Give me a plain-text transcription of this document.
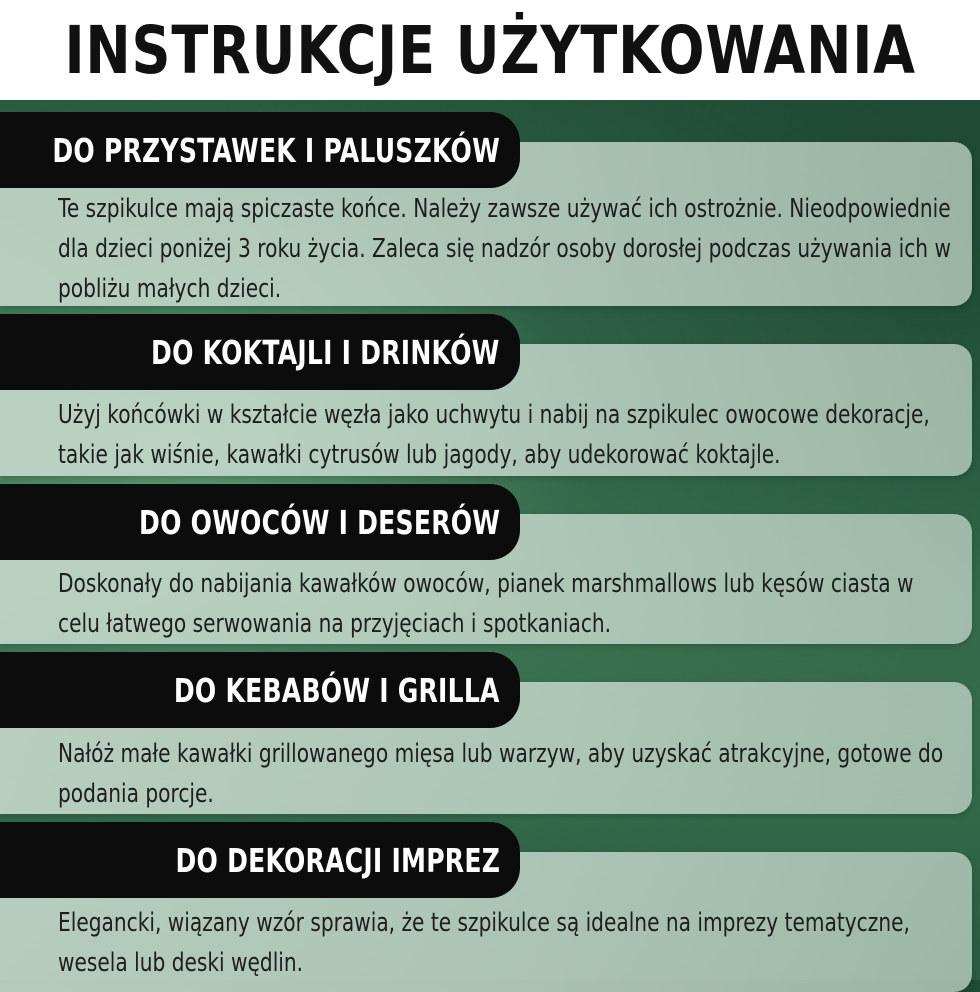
INSTRUKCJE UŻYTKOWANIA
DO PRZYSTAWEK I PALUSZKÓW
Te szpikulce mają spiczaste końce. Należy zawsze używać ich ostrożnie. Nieodpowiednie dla dzieci poniżej 3 roku życia. Zaleca się nadzór osoby dorosłej podczas używania ich w pobliżu małych dzieci.
DO KOKTAJLI I DRINKÓW
Użyj końcówki w kształcie węzła jako uchwytu i nabij na szpikulec owocowe dekoracje, takie jak wiśnie, kawałki cytrusów lub jagody, aby udekorować koktajle.
DO OWOCÓW I DESERÓW
Doskonały do nabijania kawałków owoców, pianek marshmallows lub kęsów ciasta w celu łatwego serwowania na przyjęciach i spotkaniach.
DO KEBABÓW I GRILLA
Nałóż małe kawałki grillowanego mięsa lub warzyw, aby uzyskać atrakcyjne, gotowe do podania porcje.
DO DEKORACJI IMPREZ
Elegancki, wiązany wzór sprawia, że te szpikulce są idealne na imprezy tematyczne, wesela lub deski wędlin.
